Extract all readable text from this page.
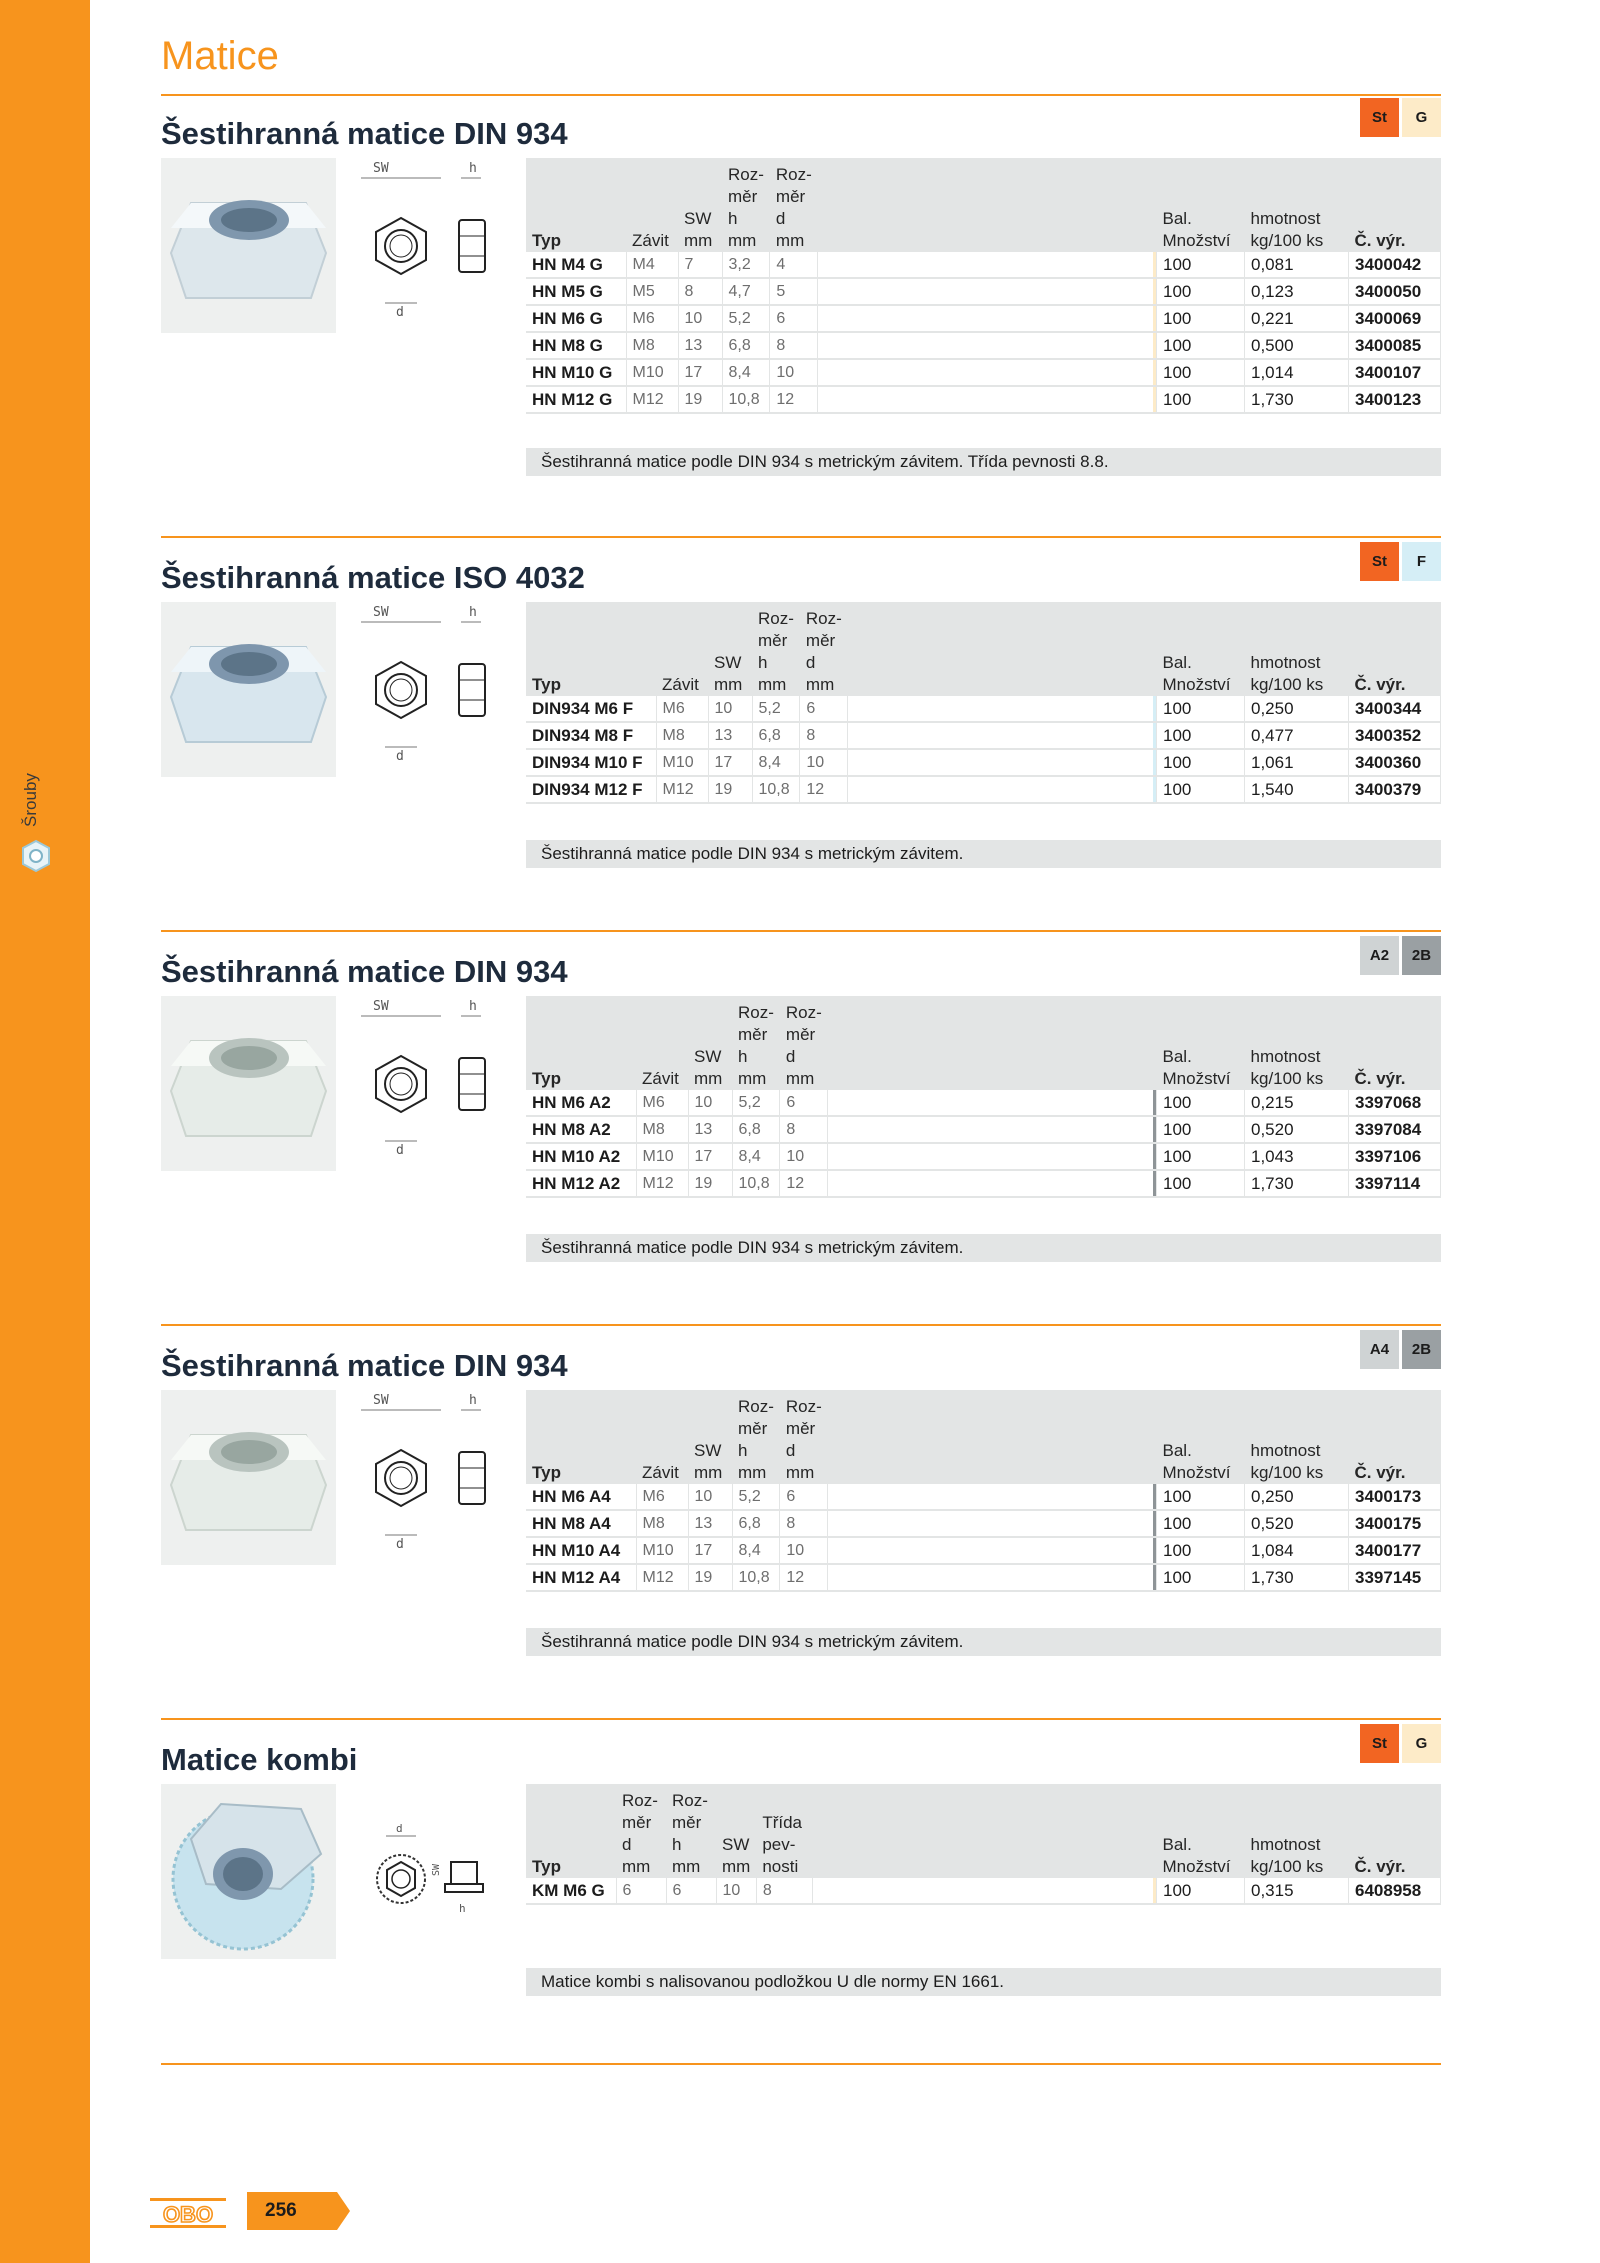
Šrouby
Matice
Šestihranná matice DIN 934	St	G
SW	h
d
Typ	Závit	SW mm	Roz-
měr
h
mm	Roz-
měr
d
mm			Bal.
Množství	hmotnost
kg/100 ks	Č. výr.
HN M4 G	M4	7	3,2	4			100	0,081	3400042
HN M5 G	M5	8	4,7	5			100	0,123	3400050
HN M6 G	M6	10	5,2	6			100	0,221	3400069
HN M8 G	M8	13	6,8	8			100	0,500	3400085
HN M10 G	M10	17	8,4	10			100	1,014	3400107
HN M12 G	M12	19	10,8	12			100	1,730	3400123
Šestihranná matice podle DIN 934 s metrickým závitem. Třída pevnosti 8.8.
Šestihranná matice ISO 4032	St	F
SW	h
d
Typ	Závit	SW mm	Roz-
měr
h
mm	Roz-
měr
d
mm			Bal.
Množství	hmotnost
kg/100 ks	Č. výr.
DIN934 M6 F	M6	10	5,2	6			100	0,250	3400344
DIN934 M8 F	M8	13	6,8	8			100	0,477	3400352
DIN934 M10 F	M10	17	8,4	10			100	1,061	3400360
DIN934 M12 F	M12	19	10,8	12			100	1,540	3400379
Šestihranná matice podle DIN 934 s metrickým závitem.
Šestihranná matice DIN 934	A2	2B
SW	h
d
Typ	Závit	SW mm	Roz-
měr
h
mm	Roz-
měr
d
mm			Bal.
Množství	hmotnost
kg/100 ks	Č. výr.
HN M6 A2	M6	10	5,2	6			100	0,215	3397068
HN M8 A2	M8	13	6,8	8			100	0,520	3397084
HN M10 A2	M10	17	8,4	10			100	1,043	3397106
HN M12 A2	M12	19	10,8	12			100	1,730	3397114
Šestihranná matice podle DIN 934 s metrickým závitem.
Šestihranná matice DIN 934	A4	2B
SW	h
d
Typ	Závit	SW mm	Roz-
měr
h
mm	Roz-
měr
d
mm			Bal.
Množství	hmotnost
kg/100 ks	Č. výr.
HN M6 A4	M6	10	5,2	6			100	0,250	3400173
HN M8 A4	M8	13	6,8	8			100	0,520	3400175
HN M10 A4	M10	17	8,4	10			100	1,084	3400177
HN M12 A4	M12	19	10,8	12			100	1,730	3397145
Šestihranná matice podle DIN 934 s metrickým závitem.
Matice kombi	St	G
d
SW
h
Typ	Roz-
měr
d
mm	Roz-
měr
h
mm	SW mm	Třída
pev-
nosti			Bal.
Množství	hmotnost
kg/100 ks	Č. výr.
KM M6 G	6	6	10	8			100	0,315	6408958
Matice kombi s nalisovanou podložkou U dle normy EN 1661.
OBO	256
